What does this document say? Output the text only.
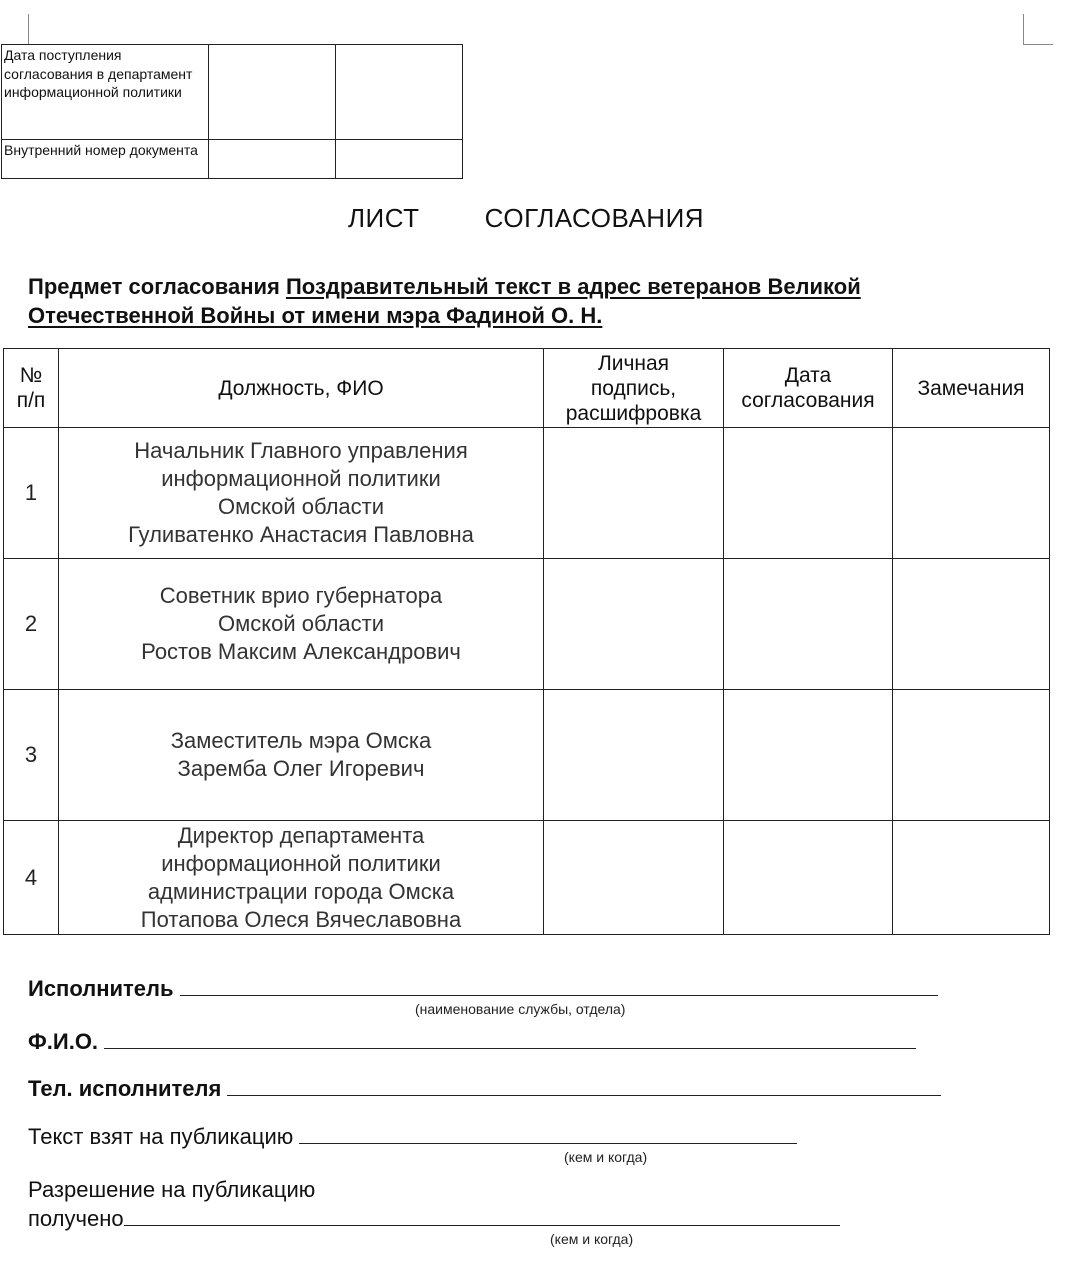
Дата поступления согласования в департамент информационной политики		
Внутренний номер документа		
ЛИСТ   СОГЛАСОВАНИЯ
Предмет согласования Поздравительный текст в адрес ветеранов Великой Отечественной Войны от имени мэра Фадиной О. Н.
№ п/п	Должность, ФИО	Личная подпись, расшифровка	Дата согласования	Замечания
1	Начальник Главного управления
информационной политики
Омской области
Гуливатенко Анастасия Павловна			

2	Советник врио губернатора
Омской области
Ростов Максим Александрович			

3	Заместитель мэра Омска
Заремба Олег Игоревич			

4	Директор департамента
информационной политики
администрации города Омска
Потапова Олеся Вячеславовна			

Исполнитель
(наименование службы, отдела)
Ф.И.О.
Тел. исполнителя
Текст взят на публикацию
(кем и когда)
Разрешение на публикацию
получено
(кем и когда)
